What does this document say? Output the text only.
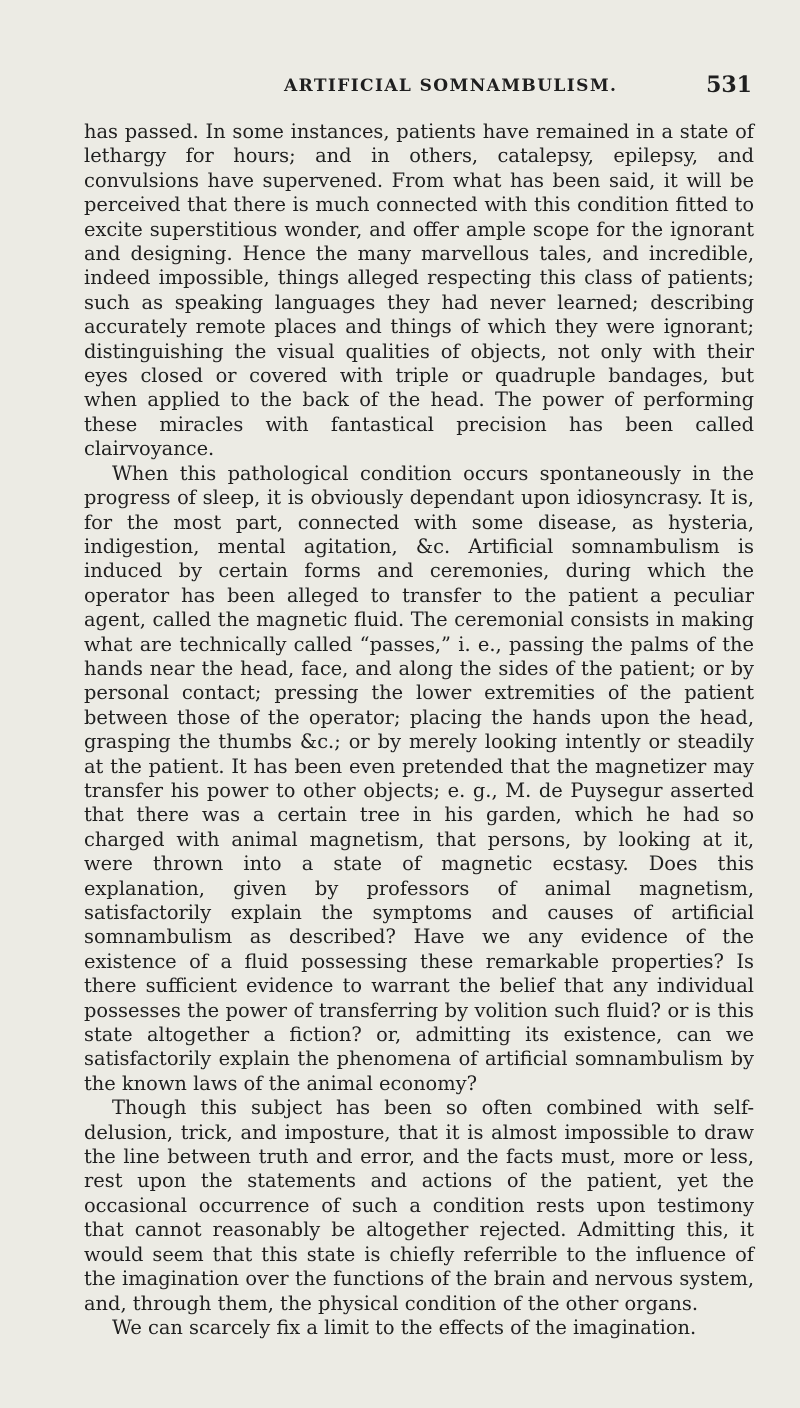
ARTIFICIAL SOMNAMBULISM.	531

has passed. In some instances, patients have remained in a state of lethargy for hours; and in others, catalepsy, epilepsy, and convulsions have supervened. From what has been said, it will be perceived that there is much connected with this condition fitted to excite superstitious wonder, and offer ample scope for the ignorant and designing. Hence the many marvellous tales, and incredible, indeed impossible, things alleged respecting this class of patients; such as speaking languages they had never learned; describing accurately remote places and things of which they were ignorant; distinguishing the visual qualities of objects, not only with their eyes closed or covered with triple or quadruple bandages, but when applied to the back of the head. The power of performing these miracles with fantastical precision has been called clairvoyance.

When this pathological condition occurs spontaneously in the progress of sleep, it is obviously dependant upon idiosyncrasy. It is, for the most part, connected with some disease, as hysteria, indigestion, mental agitation, &c. Artificial somnambulism is induced by certain forms and ceremonies, during which the operator has been alleged to transfer to the patient a peculiar agent, called the magnetic fluid. The ceremonial consists in making what are technically called “passes,” i. e., passing the palms of the hands near the head, face, and along the sides of the patient; or by personal contact; pressing the lower extremities of the patient between those of the operator; placing the hands upon the head, grasping the thumbs &c.; or by merely looking intently or steadily at the patient. It has been even pretended that the magnetizer may transfer his power to other objects; e. g., M. de Puysegur asserted that there was a certain tree in his garden, which he had so charged with animal magnetism, that persons, by looking at it, were thrown into a state of magnetic ecstasy. Does this explanation, given by professors of animal magnetism, satisfactorily explain the symptoms and causes of artificial somnambulism as described? Have we any evidence of the existence of a fluid possessing these remarkable properties? Is there sufficient evidence to warrant the belief that any individual possesses the power of transferring by volition such fluid? or is this state altogether a fiction? or, admitting its existence, can we satisfactorily explain the phenomena of artificial somnambulism by the known laws of the animal economy?

Though this subject has been so often combined with self-delusion, trick, and imposture, that it is almost impossible to draw the line between truth and error, and the facts must, more or less, rest upon the statements and actions of the patient, yet the occasional occurrence of such a condition rests upon testimony that cannot reasonably be altogether rejected. Admitting this, it would seem that this state is chiefly referrible to the influence of the imagination over the functions of the brain and nervous system, and, through them, the physical condition of the other organs.

We can scarcely fix a limit to the effects of the imagination.
